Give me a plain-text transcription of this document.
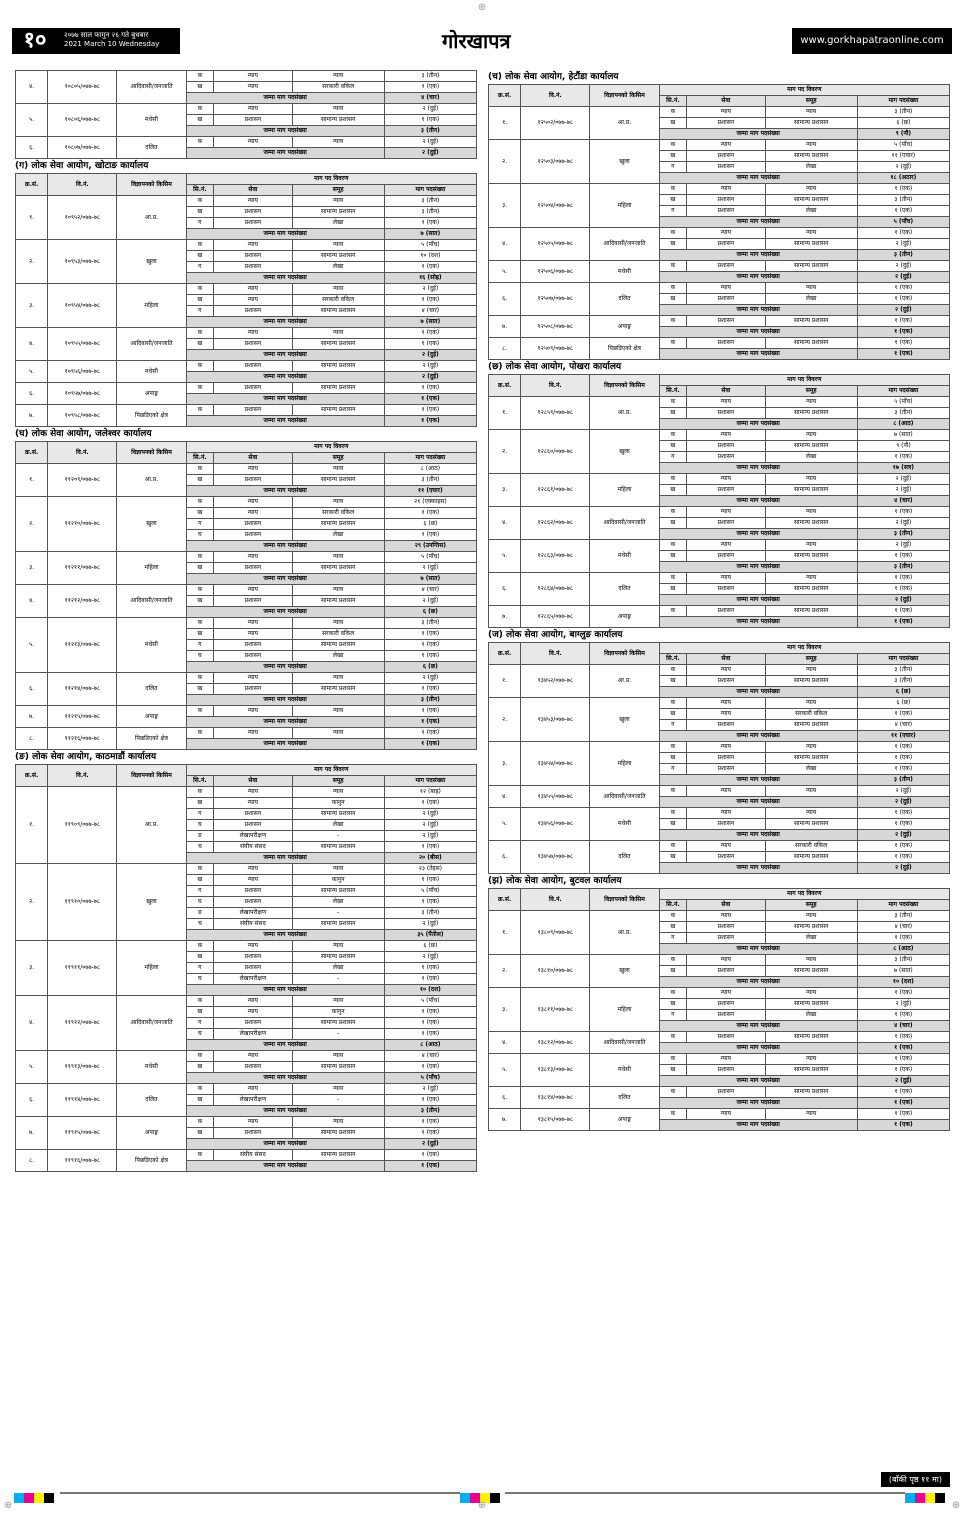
१०	२०७७ साल फागुन २६ गते बुधबार
2021 March 10 Wednesday	गोरखापत्र	www.gorkhapatraonline.com
४.	१०८०५/०७७-७८	आदिवासी/जनजाति	क	न्याय	न्याय	३ (तीन)
			ख	न्याय	सरकारी वकिल	१ (एक)
			जम्मा माग पदसंख्या			४ (चार)
५.	१०८०६/०७७-७८	मधेसी	क	न्याय	न्याय	२ (दुई)
			ख	प्रशासन	सामान्य प्रशासन	१ (एक)
			जम्मा माग पदसंख्या			३ (तीन)
६.	१०८०७/०७७-७८	दलित	क	न्याय	न्याय	२ (दुई)
			जम्मा माग पदसंख्या			२ (दुई)
(ग) लोक सेवा आयोग, खोटाङ कार्यालय
क्र.सं.	वि.नं.	विज्ञापनको किसिम	माग पद विवरण			
			सि.नं.	सेवा	समूह	माग पदसंख्या
१.	१०९५२/०७७-७८	आ.प्र.	क	न्याय	न्याय	३ (तीन)
			ख	प्रशासन	सामान्य प्रशासन	३ (तीन)
			ग	प्रशासन	लेखा	१ (एक)
			जम्मा माग पदसंख्या			७ (सात)
२.	१०९५३/०७७-७८	खुला	क	न्याय	न्याय	५ (पाँच)
			ख	प्रशासन	सामान्य प्रशासन	१० (दश)
			ग	प्रशासन	लेखा	१ (एक)
			जम्मा माग पदसंख्या			१६ (सोह्र)
३.	१०९५४/०७७-७८	महिला	क	न्याय	न्याय	२ (दुई)
			ख	न्याय	सरकारी वकिल	१ (एक)
			ग	प्रशासन	सामान्य प्रशासन	४ (चार)
			जम्मा माग पदसंख्या			७ (सात)
४.	१०९५५/०७७-७८	आदिवासी/जनजाति	क	न्याय	न्याय	१ (एक)
			ख	प्रशासन	सामान्य प्रशासन	१ (एक)
			जम्मा माग पदसंख्या			२ (दुई)
५.	१०९५६/०७७-७८	मधेसी	क	प्रशासन	सामान्य प्रशासन	२ (दुई)
			जम्मा माग पदसंख्या			२ (दुई)
६.	१०९५७/०७७-७८	अपाङ्ग	क	प्रशासन	सामान्य प्रशासन	१ (एक)
			जम्मा माग पदसंख्या			१ (एक)
७.	१०९५८/०७७-७८	पिछडिएको क्षेत्र	क	प्रशासन	सामान्य प्रशासन	१ (एक)
			जम्मा माग पदसंख्या			१ (एक)
(घ) लोक सेवा आयोग, जलेश्वर कार्यालय
क्र.सं.	वि.नं.	विज्ञापनको किसिम	माग पद विवरण			
			सि.नं.	सेवा	समूह	माग पदसंख्या
१.	११२०९/०७७-७८	आ.प्र.	क	न्याय	न्याय	८ (आठ)
			ख	प्रशासन	सामान्य प्रशासन	३ (तीन)
			जम्मा माग पदसंख्या			११ (एघार)
२.	११२१०/०७७-७८	खुला	क	न्याय	न्याय	२१ (एक्काइस)
			ख	न्याय	सरकारी वकिल	१ (एक)
			ग	प्रशासन	सामान्य प्रशासन	६ (छ)
			घ	प्रशासन	लेखा	१ (एक)
			जम्मा माग पदसंख्या			२९ (उनन्तिस)
३.	११२११/०७७-७८	महिला	क	न्याय	न्याय	५ (पाँच)
			ख	प्रशासन	सामान्य प्रशासन	२ (दुई)
			जम्मा माग पदसंख्या			७ (सात)
४.	११२१२/०७७-७८	आदिवासी/जनजाति	क	न्याय	न्याय	४ (चार)
			ख	प्रशासन	सामान्य प्रशासन	२ (दुई)
			जम्मा माग पदसंख्या			६ (छ)
५.	११२१३/०७७-७८	मधेसी	क	न्याय	न्याय	३ (तीन)
			ख	न्याय	सरकारी वकिल	१ (एक)
			ग	प्रशासन	सामान्य प्रशासन	१ (एक)
			घ	प्रशासन	लेखा	१ (एक)
			जम्मा माग पदसंख्या			६ (छ)
६.	११२१४/०७७-७८	दलित	क	न्याय	न्याय	२ (दुई)
			ख	प्रशासन	सामान्य प्रशासन	१ (एक)
			जम्मा माग पदसंख्या			३ (तीन)
७.	११२१५/०७७-७८	अपाङ्ग	क	न्याय	न्याय	१ (एक)
			जम्मा माग पदसंख्या			१ (एक)
८.	११२१६/०७७-७८	पिछडिएको क्षेत्र	क	न्याय	न्याय	१ (एक)
			जम्मा माग पदसंख्या			१ (एक)
(ङ) लोक सेवा आयोग, काठमाडौं कार्यालय
क्र.सं.	वि.नं.	विज्ञापनको किसिम	माग पद विवरण			
			सि.नं.	सेवा	समूह	माग पदसंख्या
१.	११९०९/०७७-७८	आ.प्र.	क	न्याय	न्याय	१२ (बाह्र)
			ख	न्याय	कानुन	१ (एक)
			ग	प्रशासन	सामान्य प्रशासन	२ (दुई)
			घ	प्रशासन	लेखा	२ (दुई)
			ङ	लेखापरीक्षण	-	२ (दुई)
			च	संघीय संसद	सामान्य प्रशासन	१ (एक)
			जम्मा माग पदसंख्या			२० (बीस)
२.	११९१०/०७७-७८	खुला	क	न्याय	न्याय	२३ (तेइस)
			ख	न्याय	कानुन	१ (एक)
			ग	प्रशासन	सामान्य प्रशासन	५ (पाँच)
			घ	प्रशासन	लेखा	१ (एक)
			ङ	लेखापरीक्षण	-	३ (तीन)
			च	संघीय संसद	सामान्य प्रशासन	२ (दुई)
			जम्मा माग पदसंख्या			३५ (पैंतीस)
३.	११९११/०७७-७८	महिला	क	न्याय	न्याय	६ (छ)
			ख	प्रशासन	सामान्य प्रशासन	२ (दुई)
			ग	प्रशासन	लेखा	१ (एक)
			घ	लेखापरीक्षण	-	१ (एक)
			जम्मा माग पदसंख्या			१० (दश)
४.	११९१२/०७७-७८	आदिवासी/जनजाति	क	न्याय	न्याय	५ (पाँच)
			ख	न्याय	कानुन	१ (एक)
			ग	प्रशासन	सामान्य प्रशासन	१ (एक)
			घ	लेखापरीक्षण	-	१ (एक)
			जम्मा माग पदसंख्या			८ (आठ)
५.	११९१३/०७७-७८	मधेसी	क	न्याय	न्याय	४ (चार)
			ख	प्रशासन	सामान्य प्रशासन	१ (एक)
			जम्मा माग पदसंख्या			५ (पाँच)
६.	११९१४/०७७-७८	दलित	क	न्याय	न्याय	२ (दुई)
			ख	लेखापरीक्षण	-	१ (एक)
			जम्मा माग पदसंख्या			३ (तीन)
७.	११९१५/०७७-७८	अपाङ्ग	क	न्याय	न्याय	१ (एक)
			ख	प्रशासन	सामान्य प्रशासन	१ (एक)
			जम्मा माग पदसंख्या			२ (दुई)
८.	११९१६/०७७-७८	पिछडिएको क्षेत्र	क	संघीय संसद	सामान्य प्रशासन	१ (एक)
			जम्मा माग पदसंख्या			१ (एक)
(च) लोक सेवा आयोग, हेटौंडा कार्यालय
क्र.सं.	वि.नं.	विज्ञापनको किसिम	माग पद विवरण			
			सि.नं.	सेवा	समूह	माग पदसंख्या
१.	१२५०२/०७७-७८	आ.प्र.	क	न्याय	न्याय	३ (तीन)
			ख	प्रशासन	सामान्य प्रशासन	६ (छ)
			जम्मा माग पदसंख्या			९ (नौ)
२.	१२५०३/०७७-७८	खुला	क	न्याय	न्याय	५ (पाँच)
			ख	प्रशासन	सामान्य प्रशासन	११ (एघार)
			ग	प्रशासन	लेखा	२ (दुई)
			जम्मा माग पदसंख्या			१८ (अठार)
३.	१२५०४/०७७-७८	महिला	क	न्याय	न्याय	१ (एक)
			ख	प्रशासन	सामान्य प्रशासन	३ (तीन)
			ग	प्रशासन	लेखा	१ (एक)
			जम्मा माग पदसंख्या			५ (पाँच)
४.	१२५०५/०७७-७८	आदिवासी/जनजाति	क	न्याय	न्याय	१ (एक)
			ख	प्रशासन	सामान्य प्रशासन	२ (दुई)
			जम्मा माग पदसंख्या			३ (तीन)
५.	१२५०६/०७७-७८	मधेसी	क	प्रशासन	सामान्य प्रशासन	२ (दुई)
			जम्मा माग पदसंख्या			२ (दुई)
६.	१२५०७/०७७-७८	दलित	क	न्याय	न्याय	१ (एक)
			ख	प्रशासन	लेखा	१ (एक)
			जम्मा माग पदसंख्या			२ (दुई)
७.	१२५०८/०७७-७८	अपाङ्ग	क	प्रशासन	सामान्य प्रशासन	१ (एक)
			जम्मा माग पदसंख्या			१ (एक)
८.	१२५०९/०७७-७८	पिछडिएको क्षेत्र	क	प्रशासन	सामान्य प्रशासन	१ (एक)
			जम्मा माग पदसंख्या			१ (एक)
(छ) लोक सेवा आयोग, पोखरा कार्यालय
क्र.सं.	वि.नं.	विज्ञापनको किसिम	माग पद विवरण			
			सि.नं.	सेवा	समूह	माग पदसंख्या
१.	१२८५९/०७७-७८	आ.प्र.	क	न्याय	न्याय	५ (पाँच)
			ख	प्रशासन	सामान्य प्रशासन	३ (तीन)
			जम्मा माग पदसंख्या			८ (आठ)
२.	१२८६०/०७७-७८	खुला	क	न्याय	न्याय	७ (सात)
			ख	प्रशासन	सामान्य प्रशासन	९ (नौ)
			ग	प्रशासन	लेखा	१ (एक)
			जम्मा माग पदसंख्या			१७ (सत्र)
३.	१२८६१/०७७-७८	महिला	क	न्याय	न्याय	२ (दुई)
			ख	प्रशासन	सामान्य प्रशासन	२ (दुई)
			जम्मा माग पदसंख्या			४ (चार)
४.	१२८६२/०७७-७८	आदिवासी/जनजाति	क	न्याय	न्याय	१ (एक)
			ख	प्रशासन	सामान्य प्रशासन	२ (दुई)
			जम्मा माग पदसंख्या			३ (तीन)
५.	१२८६३/०७७-७८	मधेसी	क	न्याय	न्याय	२ (दुई)
			ख	प्रशासन	सामान्य प्रशासन	१ (एक)
			जम्मा माग पदसंख्या			३ (तीन)
६.	१२८६४/०७७-७८	दलित	क	न्याय	न्याय	१ (एक)
			ख	प्रशासन	सामान्य प्रशासन	१ (एक)
			जम्मा माग पदसंख्या			२ (दुई)
७.	१२८६५/०७७-७८	अपाङ्ग	क	प्रशासन	सामान्य प्रशासन	१ (एक)
			जम्मा माग पदसंख्या			१ (एक)
(ज) लोक सेवा आयोग, बाग्लुङ कार्यालय
क्र.सं.	वि.नं.	विज्ञापनको किसिम	माग पद विवरण			
			सि.नं.	सेवा	समूह	माग पदसंख्या
१.	१३४५२/०७७-७८	आ.प्र.	क	न्याय	न्याय	३ (तीन)
			ख	प्रशासन	सामान्य प्रशासन	३ (तीन)
			जम्मा माग पदसंख्या			६ (छ)
२.	१३४५३/०७७-७८	खुला	क	न्याय	न्याय	६ (छ)
			ख	न्याय	सरकारी वकिल	१ (एक)
			ग	प्रशासन	सामान्य प्रशासन	४ (चार)
			जम्मा माग पदसंख्या			११ (एघार)
३.	१३४५४/०७७-७८	महिला	क	न्याय	न्याय	१ (एक)
			ख	प्रशासन	सामान्य प्रशासन	१ (एक)
			ग	प्रशासन	लेखा	१ (एक)
			जम्मा माग पदसंख्या			३ (तीन)
४.	१३४५५/०७७-७८	आदिवासी/जनजाति	क	न्याय	न्याय	२ (दुई)
			जम्मा माग पदसंख्या			२ (दुई)
५.	१३४५६/०७७-७८	मधेसी	क	न्याय	न्याय	१ (एक)
			ख	प्रशासन	सामान्य प्रशासन	१ (एक)
			जम्मा माग पदसंख्या			२ (दुई)
६.	१३४५७/०७७-७८	दलित	क	न्याय	सरकारी वकिल	१ (एक)
			ख	प्रशासन	सामान्य प्रशासन	१ (एक)
			जम्मा माग पदसंख्या			२ (दुई)
(झ) लोक सेवा आयोग, बुटवल कार्यालय
क्र.सं.	वि.नं.	विज्ञापनको किसिम	माग पद विवरण			
			सि.नं.	सेवा	समूह	माग पदसंख्या
१.	१३८०९/०७७-७८	आ.प्र.	क	न्याय	न्याय	३ (तीन)
			ख	प्रशासन	सामान्य प्रशासन	४ (चार)
			ग	प्रशासन	लेखा	१ (एक)
			जम्मा माग पदसंख्या			८ (आठ)
२.	१३८१०/०७७-७८	खुला	क	न्याय	न्याय	३ (तीन)
			ख	प्रशासन	सामान्य प्रशासन	७ (सात)
			जम्मा माग पदसंख्या			१० (दश)
३.	१३८११/०७७-७८	महिला	क	न्याय	न्याय	१ (एक)
			ख	प्रशासन	सामान्य प्रशासन	२ (दुई)
			ग	प्रशासन	लेखा	१ (एक)
			जम्मा माग पदसंख्या			४ (चार)
४.	१३८१२/०७७-७८	आदिवासी/जनजाति	क	प्रशासन	सामान्य प्रशासन	१ (एक)
			जम्मा माग पदसंख्या			१ (एक)
५.	१३८१३/०७७-७८	मधेसी	क	न्याय	न्याय	१ (एक)
			ख	प्रशासन	सामान्य प्रशासन	१ (एक)
			जम्मा माग पदसंख्या			२ (दुई)
६.	१३८१४/०७७-७८	दलित	क	प्रशासन	सामान्य प्रशासन	१ (एक)
			जम्मा माग पदसंख्या			१ (एक)
७.	१३८१५/०७७-७८	अपाङ्ग	क	न्याय	न्याय	१ (एक)
			जम्मा माग पदसंख्या			१ (एक)
(बाँकी पृष्ठ ११ मा)
⊕
⊕	⊕	⊕
